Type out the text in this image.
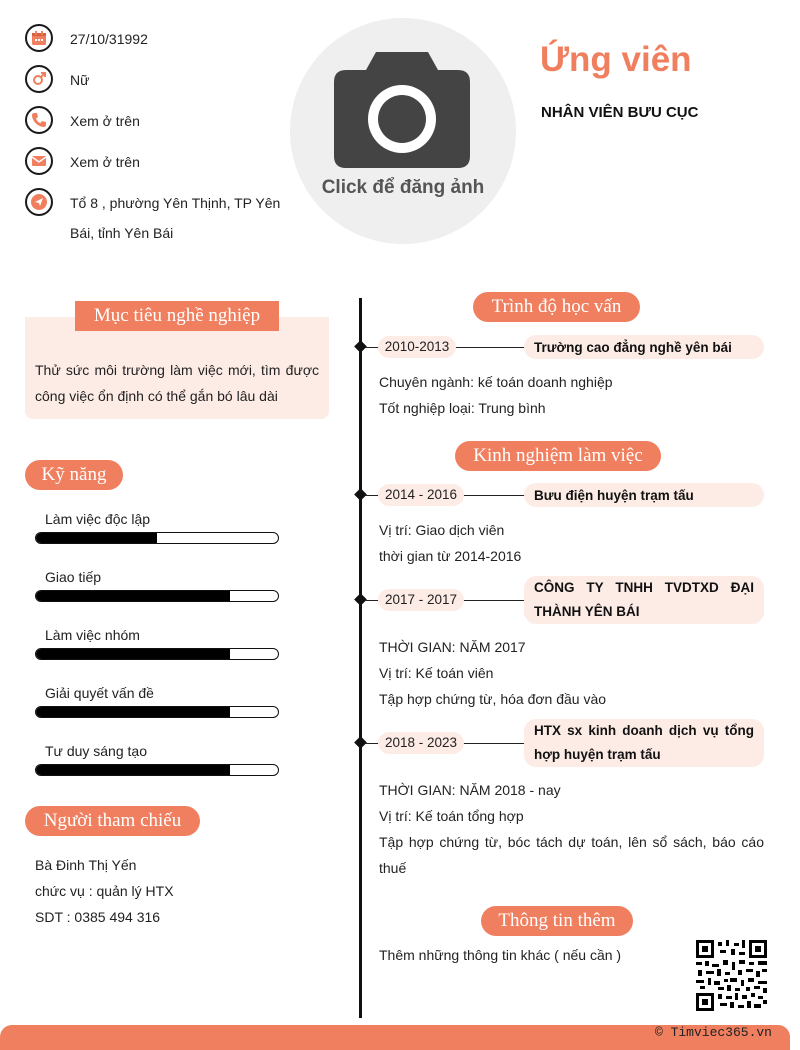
27/10/31992
Nữ
Xem ở trên
Xem ở trên
Tổ 8 , phường Yên Thịnh, TP Yên
Bái, tỉnh Yên Bái
Click để đăng ảnh
Ứng viên
NHÂN VIÊN BƯU CỤC
Mục tiêu nghề nghiệp
Thử sức môi trường làm việc mới, tìm được
công việc ổn định có thể gắn bó lâu dài
Kỹ năng
Làm việc độc lập
Giao tiếp
Làm việc nhóm
Giải quyết vấn đề
Tư duy sáng tạo
Người tham chiếu
Bà Đinh Thị Yến
chức vụ : quản lý HTX
SDT : 0385 494 316
Trình độ học vấn
2010-2013	Trường cao đẳng nghề yên bái
Chuyên ngành: kế toán doanh nghiệp
Tốt nghiệp loại: Trung bình
Kinh nghiệm làm việc
2014 - 2016	Bưu điện huyện trạm tấu
Vị trí: Giao dịch viên
thời gian từ 2014-2016
2017 - 2017
CÔNG TY TNHH TVDTXD ĐẠI
THÀNH YÊN BÁI
THỜI GIAN: NĂM 2017
Vị trí: Kế toán viên
Tập hợp chứng từ, hóa đơn đầu vào
2018 - 2023
HTX sx kinh doanh dịch vụ tổng
hợp huyện trạm tấu
THỜI GIAN: NĂM 2018 - nay
Vị trí: Kế toán tổng hợp
Tập hợp chứng từ, bóc tách dự toán, lên sổ sách, báo cáo
thuế
Thông tin thêm
Thêm những thông tin khác ( nếu cần )
© Timviec365.vn
